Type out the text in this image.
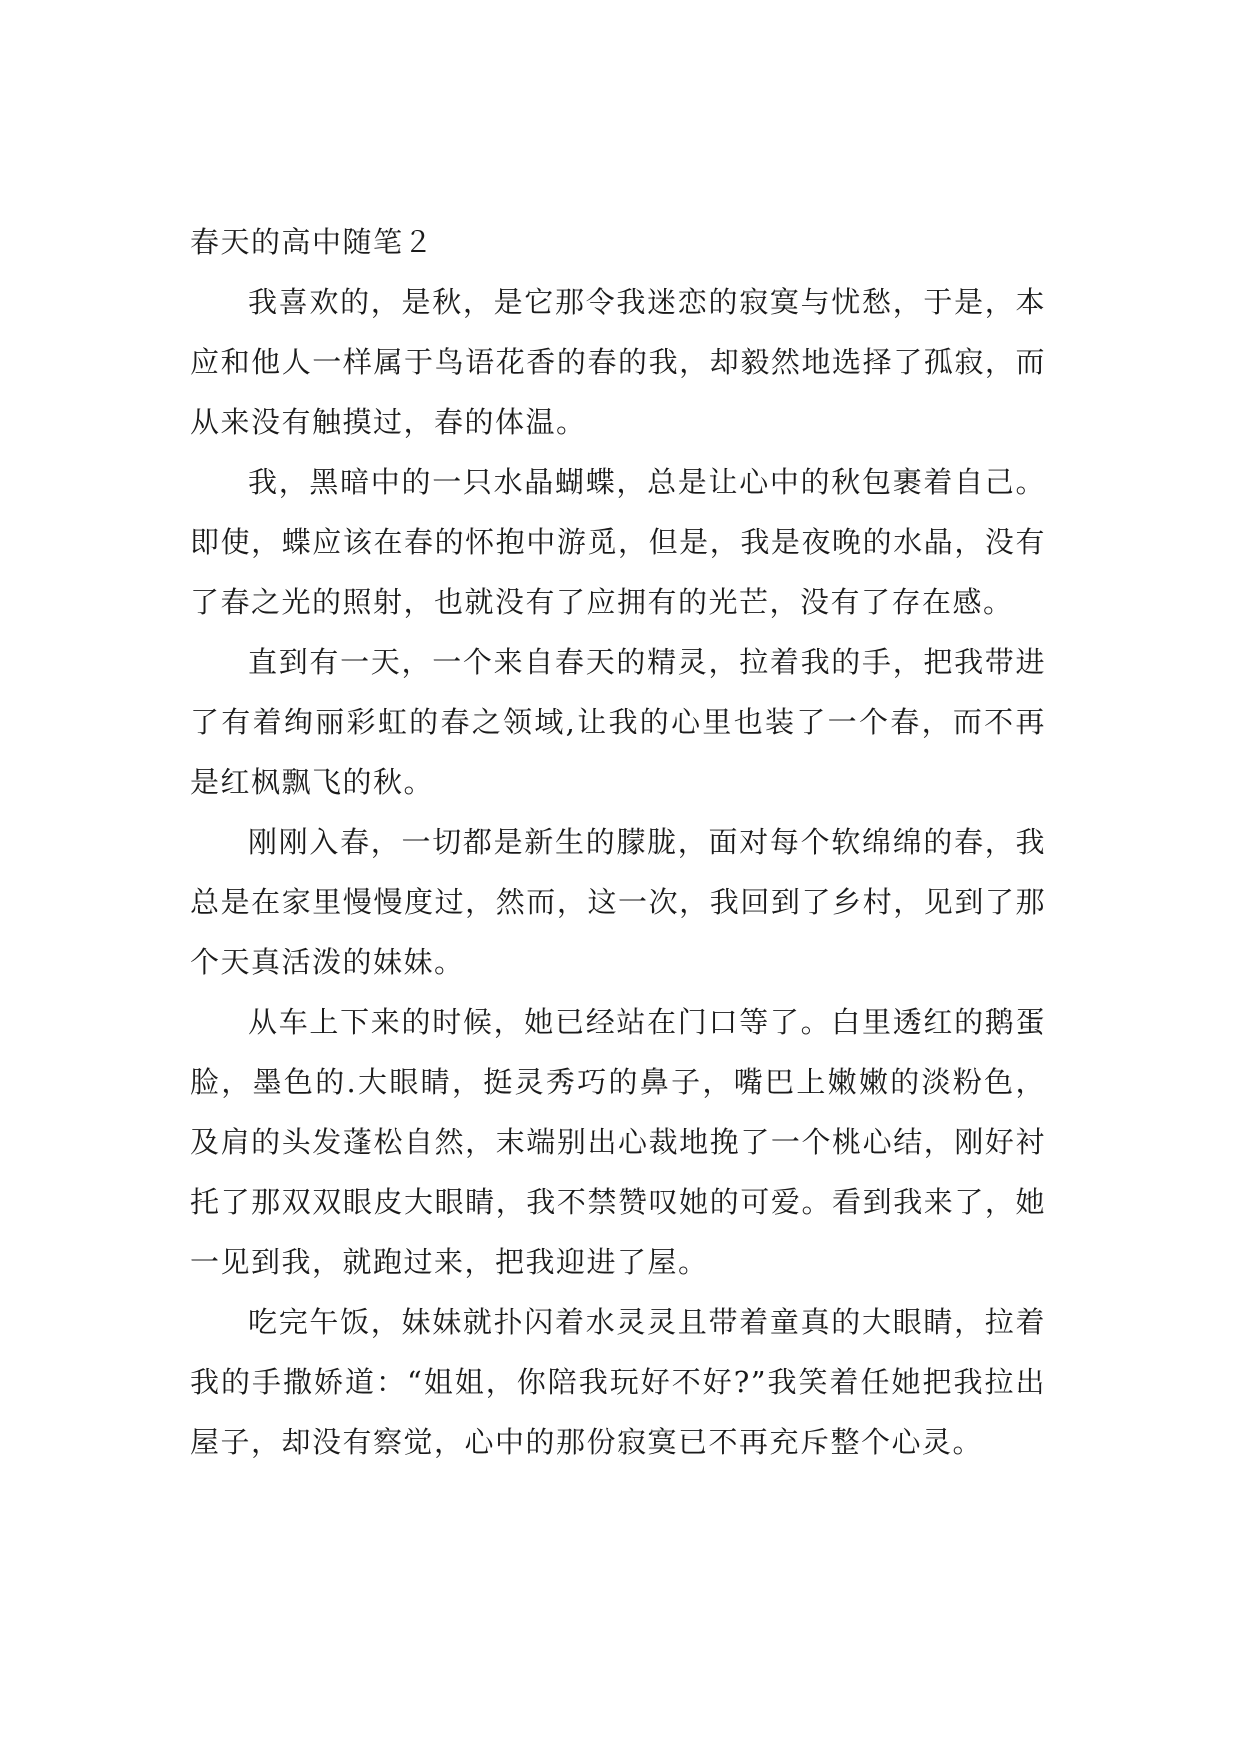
春天的高中随笔２

我喜欢的，是秋，是它那令我迷恋的寂寞与忧愁，于是，本应和他人一样属于鸟语花香的春的我，却毅然地选择了孤寂，而从来没有触摸过，春的体温。

我，黑暗中的一只水晶蝴蝶，总是让心中的秋包裹着自己。即使，蝶应该在春的怀抱中游觅，但是，我是夜晚的水晶，没有了春之光的照射，也就没有了应拥有的光芒，没有了存在感。

直到有一天，一个来自春天的精灵，拉着我的手，把我带进了有着绚丽彩虹的春之领域,让我的心里也装了一个春，而不再是红枫飘飞的秋。

刚刚入春，一切都是新生的朦胧，面对每个软绵绵的春，我总是在家里慢慢度过，然而，这一次，我回到了乡村，见到了那个天真活泼的妹妹。

从车上下来的时候，她已经站在门口等了。白里透红的鹅蛋脸，墨色的.大眼睛，挺灵秀巧的鼻子，嘴巴上嫩嫩的淡粉色，及肩的头发蓬松自然，末端别出心裁地挽了一个桃心结，刚好衬托了那双双眼皮大眼睛，我不禁赞叹她的可爱。看到我来了，她一见到我，就跑过来，把我迎进了屋。

吃完午饭，妹妹就扑闪着水灵灵且带着童真的大眼睛，拉着我的手撒娇道：“姐姐，你陪我玩好不好?”我笑着任她把我拉出屋子，却没有察觉，心中的那份寂寞已不再充斥整个心灵。
